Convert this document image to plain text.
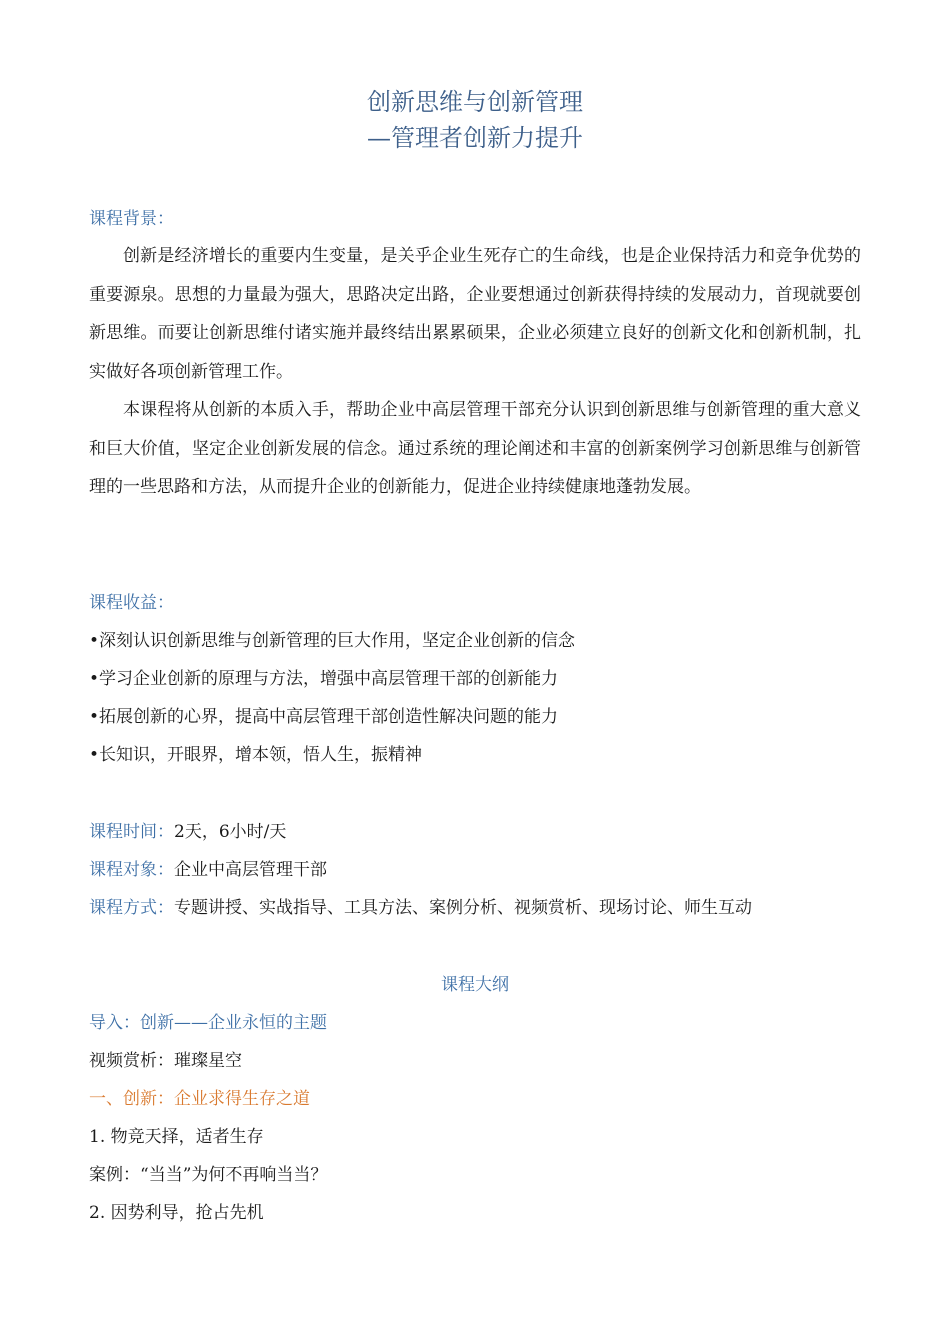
创新思维与创新管理
—管理者创新力提升
课程背景：
创新是经济增长的重要内生变量，是关乎企业生死存亡的生命线，也是企业保持活力和竞争优势的重要源泉。思想的力量最为强大，思路决定出路，企业要想通过创新获得持续的发展动力，首现就要创新思维。而要让创新思维付诸实施并最终结出累累硕果，企业必须建立良好的创新文化和创新机制，扎实做好各项创新管理工作。
本课程将从创新的本质入手，帮助企业中高层管理干部充分认识到创新思维与创新管理的重大意义和巨大价值，坚定企业创新发展的信念。通过系统的理论阐述和丰富的创新案例学习创新思维与创新管理的一些思路和方法，从而提升企业的创新能力，促进企业持续健康地蓬勃发展。
课程收益：
• 深刻认识创新思维与创新管理的巨大作用，坚定企业创新的信念
• 学习企业创新的原理与方法，增强中高层管理干部的创新能力
• 拓展创新的心界，提高中高层管理干部创造性解决问题的能力
• 长知识，开眼界，增本领，悟人生，振精神
课程时间：2天，6小时/天
课程对象：企业中高层管理干部
课程方式：专题讲授、实战指导、工具方法、案例分析、视频赏析、现场讨论、师生互动
课程大纲
导入：创新——企业永恒的主题
视频赏析：璀璨星空
一、创新：企业求得生存之道
1. 物竞天择，适者生存
案例：“当当”为何不再响当当？
2. 因势利导，抢占先机
